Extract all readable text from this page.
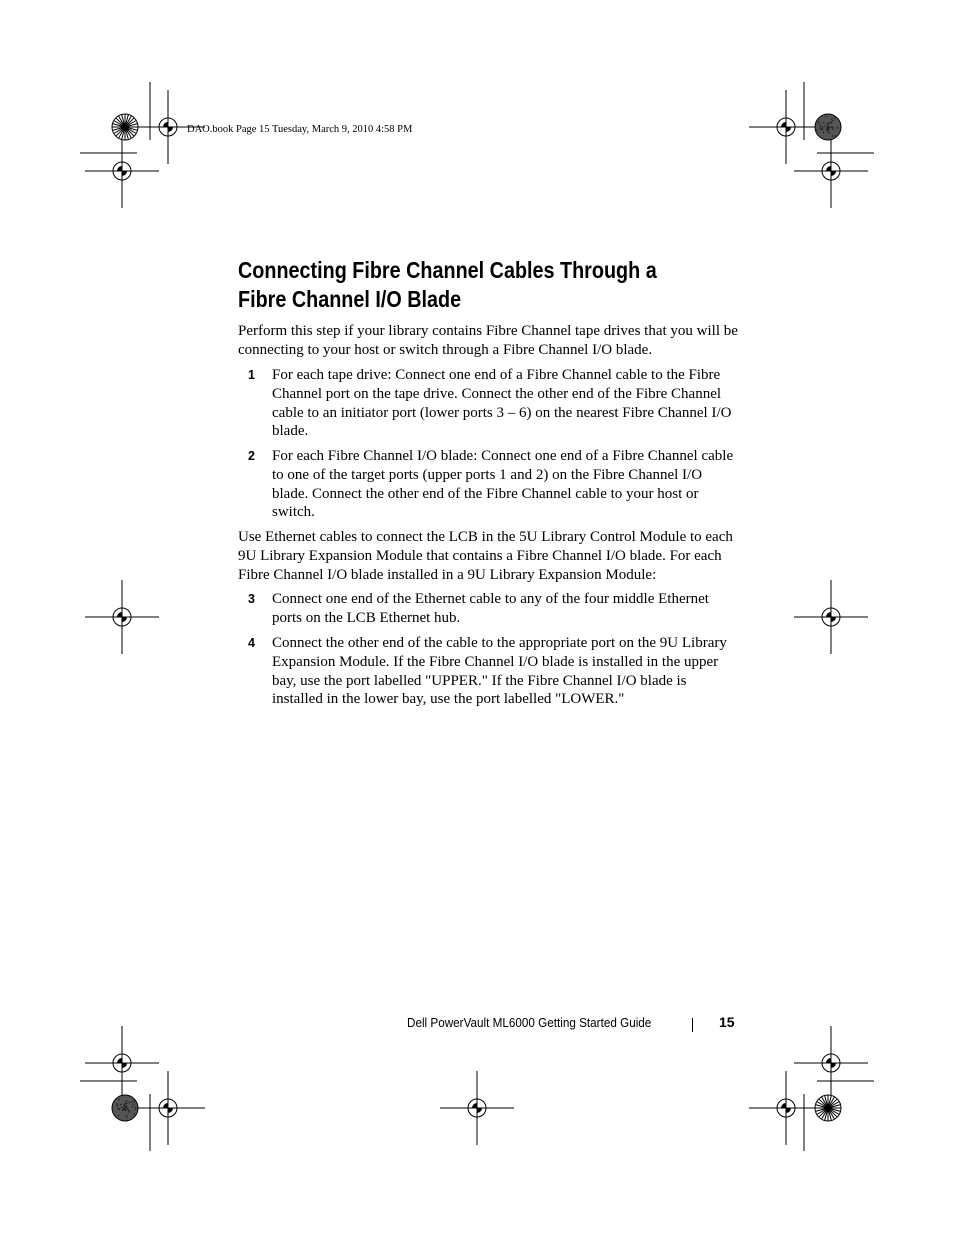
DAO.book Page 15 Tuesday, March 9, 2010 4:58 PM
Connecting Fibre Channel Cables Through a Fibre Channel I/O Blade

Perform this step if your library contains Fibre Channel tape drives that you will be connecting to your host or switch through a Fibre Channel I/O blade.

1 For each tape drive: Connect one end of a Fibre Channel cable to the Fibre Channel port on the tape drive. Connect the other end of the Fibre Channel cable to an initiator port (lower ports 3 – 6) on the nearest Fibre Channel I/O blade.

2 For each Fibre Channel I/O blade: Connect one end of a Fibre Channel cable to one of the target ports (upper ports 1 and 2) on the Fibre Channel I/O blade. Connect the other end of the Fibre Channel cable to your host or switch.

Use Ethernet cables to connect the LCB in the 5U Library Control Module to each 9U Library Expansion Module that contains a Fibre Channel I/O blade. For each Fibre Channel I/O blade installed in a 9U Library Expansion Module:

3 Connect one end of the Ethernet cable to any of the four middle Ethernet ports on the LCB Ethernet hub.

4 Connect the other end of the cable to the appropriate port on the 9U Library Expansion Module. If the Fibre Channel I/O blade is installed in the upper bay, use the port labelled "UPPER." If the Fibre Channel I/O blade is installed in the lower bay, use the port labelled "LOWER."

Dell PowerVault ML6000 Getting Started Guide	15
